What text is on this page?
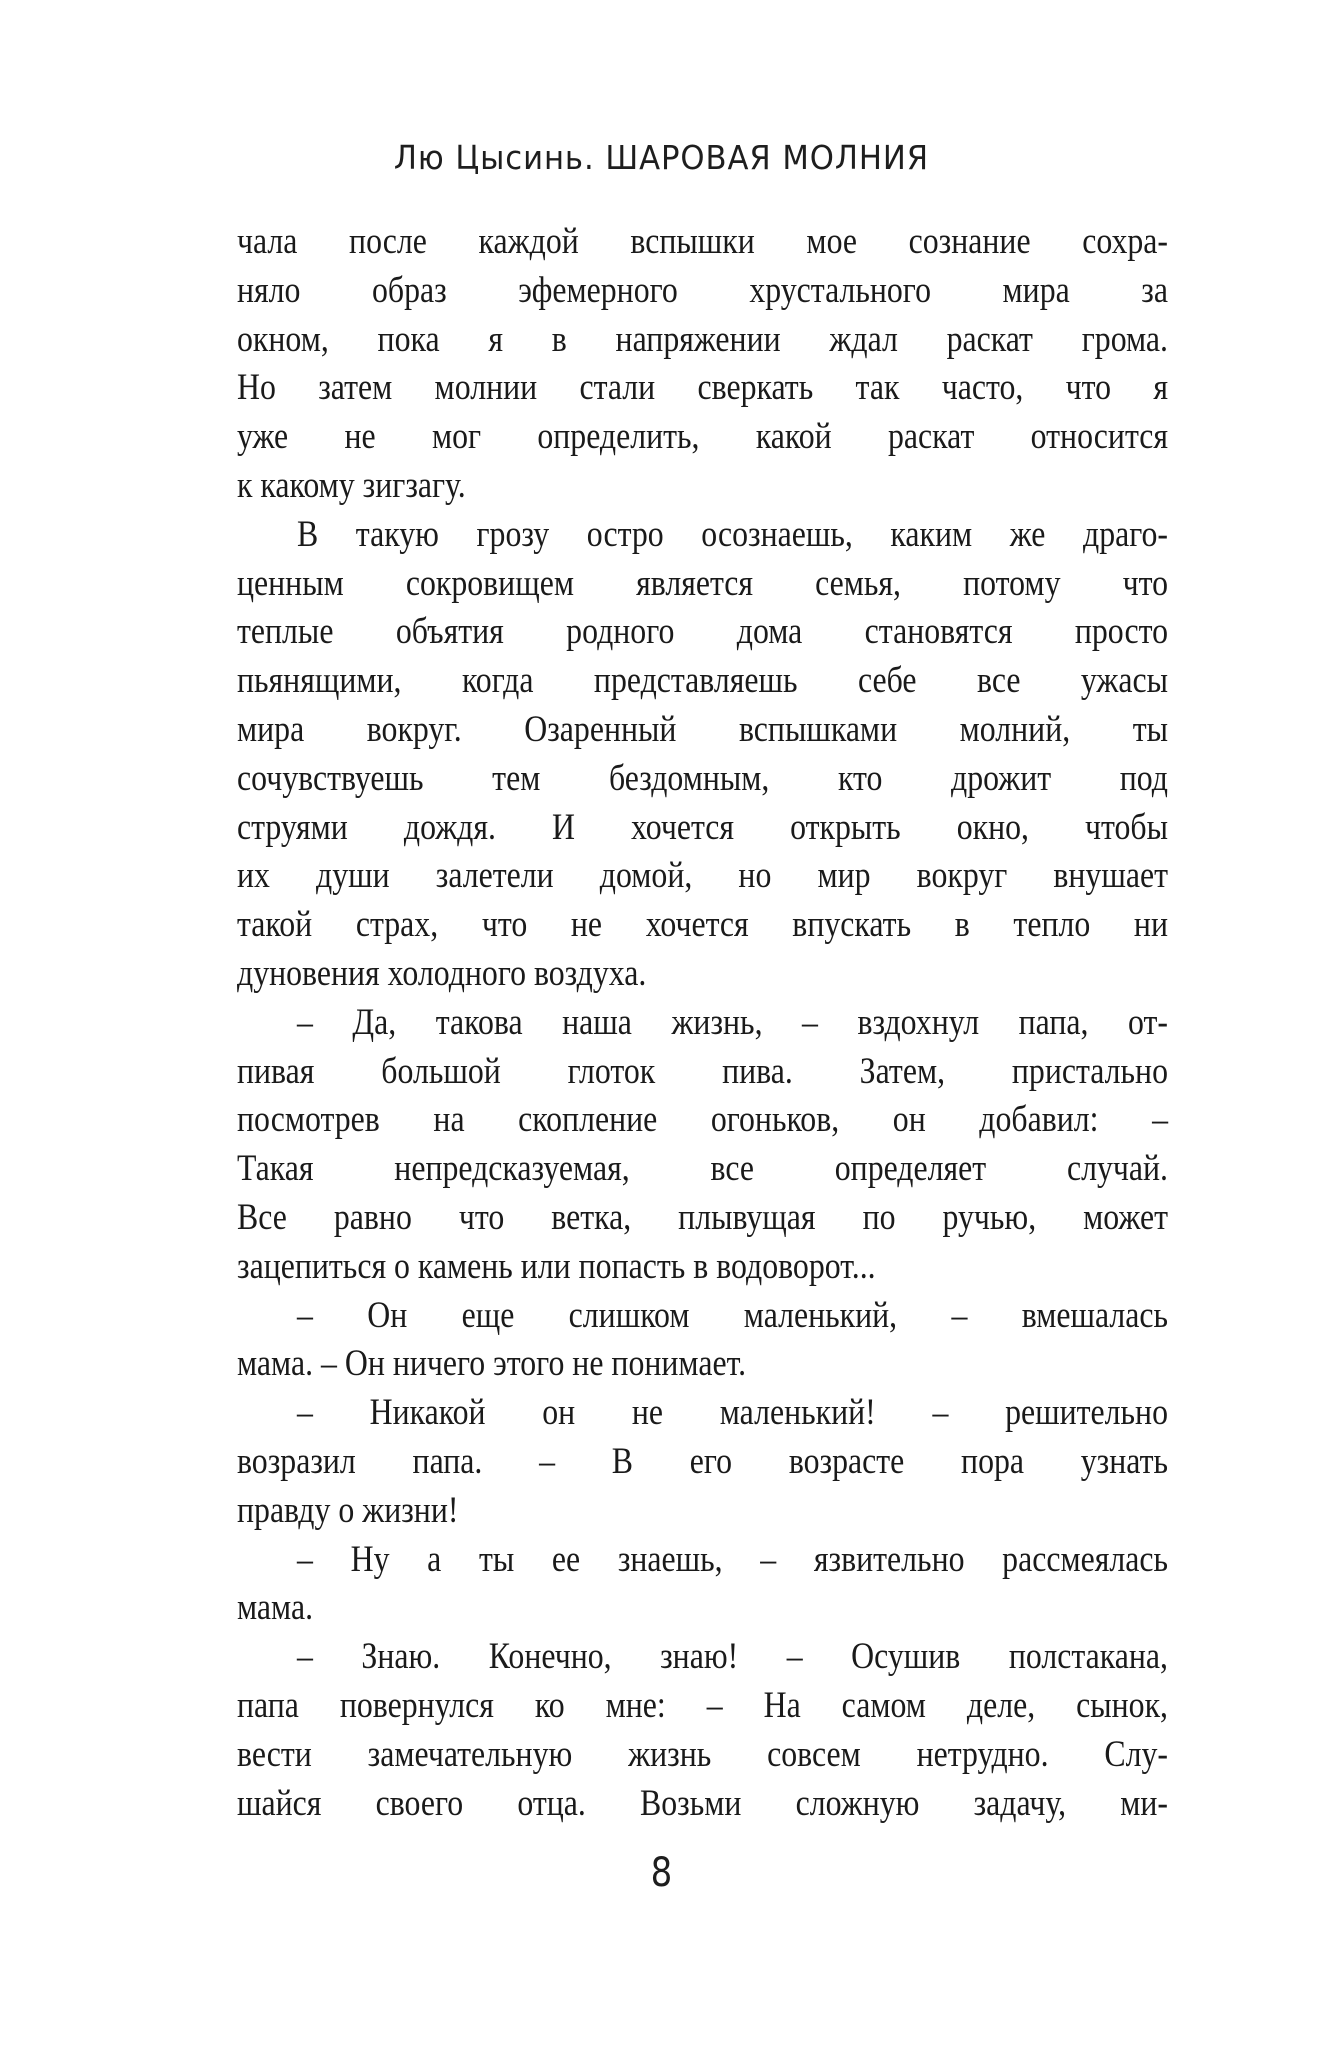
Лю Цысинь. ШАРОВАЯ МОЛНИЯ
чала после каждой вспышки мое сознание сохра-
няло образ эфемерного хрустального мира за
окном, пока я в напряжении ждал раскат грома.
Но затем молнии стали сверкать так часто, что я
уже не мог определить, какой раскат относится
к какому зигзагу.
В такую грозу остро осознаешь, каким же драго-
ценным сокровищем является семья, потому что
теплые объятия родного дома становятся просто
пьянящими, когда представляешь себе все ужасы
мира вокруг. Озаренный вспышками молний, ты
сочувствуешь тем бездомным, кто дрожит под
струями дождя. И хочется открыть окно, чтобы
их души залетели домой, но мир вокруг внушает
такой страх, что не хочется впускать в тепло ни
дуновения холодного воздуха.
– Да, такова наша жизнь, – вздохнул папа, от-
пивая большой глоток пива. Затем, пристально
посмотрев на скопление огоньков, он добавил: –
Такая непредсказуемая, все определяет случай.
Все равно что ветка, плывущая по ручью, может
зацепиться о камень или попасть в водоворот...
– Он еще слишком маленький, – вмешалась
мама. – Он ничего этого не понимает.
– Никакой он не маленький! – решительно
возразил папа. – В его возрасте пора узнать
правду о жизни!
– Ну а ты ее знаешь, – язвительно рассмеялась
мама.
– Знаю. Конечно, знаю! – Осушив полстакана,
папа повернулся ко мне: – На самом деле, сынок,
вести замечательную жизнь совсем нетрудно. Слу-
шайся своего отца. Возьми сложную задачу, ми-
8
